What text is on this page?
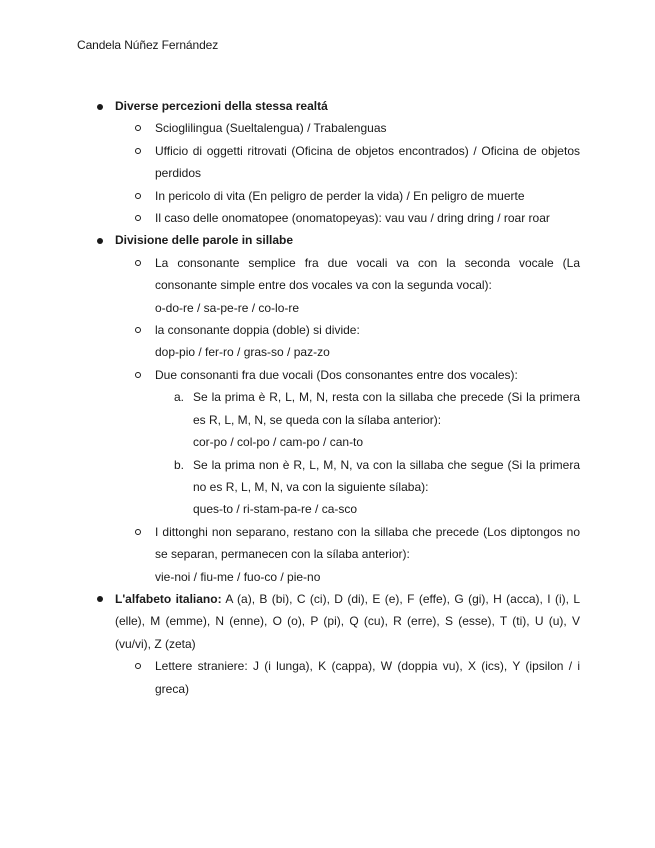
Candela Núñez Fernández
Diverse percezioni della stessa realtá
Scioglilingua (Sueltalengua) / Trabalenguas
Ufficio di oggetti ritrovati (Oficina de objetos encontrados) / Oficina de objetos perdidos
In pericolo di vita (En peligro de perder la vida) / En peligro de muerte
Il caso delle onomatopee (onomatopeyas): vau vau / dring dring / roar roar
Divisione delle parole in sillabe
La consonante semplice fra due vocali va con la seconda vocale (La consonante simple entre dos vocales va con la segunda vocal):
o-do-re / sa-pe-re / co-lo-re
la consonante doppia (doble) si divide:
dop-pio / fer-ro / gras-so / paz-zo
Due consonanti fra due vocali (Dos consonantes entre dos vocales):
a. Se la prima è R, L, M, N, resta con la sillaba che precede (Si la primera es R, L, M, N, se queda con la sílaba anterior):
cor-po / col-po / cam-po / can-to
b. Se la prima non è R, L, M, N, va con la sillaba che segue (Si la primera no es R, L, M, N, va con la siguiente sílaba):
ques-to / ri-stam-pa-re / ca-sco
I dittonghi non separano, restano con la sillaba che precede (Los diptongos no se separan, permanecen con la sílaba anterior):
vie-noi / fiu-me / fuo-co / pie-no
L'alfabeto italiano: A (a), B (bi), C (ci), D (di), E (e), F (effe), G (gi), H (acca), I (i), L (elle), M (emme), N (enne), O (o), P (pi), Q (cu), R (erre), S (esse), T (ti), U (u), V (vu/vi), Z (zeta)
Lettere straniere: J (i lunga), K (cappa), W (doppia vu), X (ics), Y (ipsilon / i greca)
